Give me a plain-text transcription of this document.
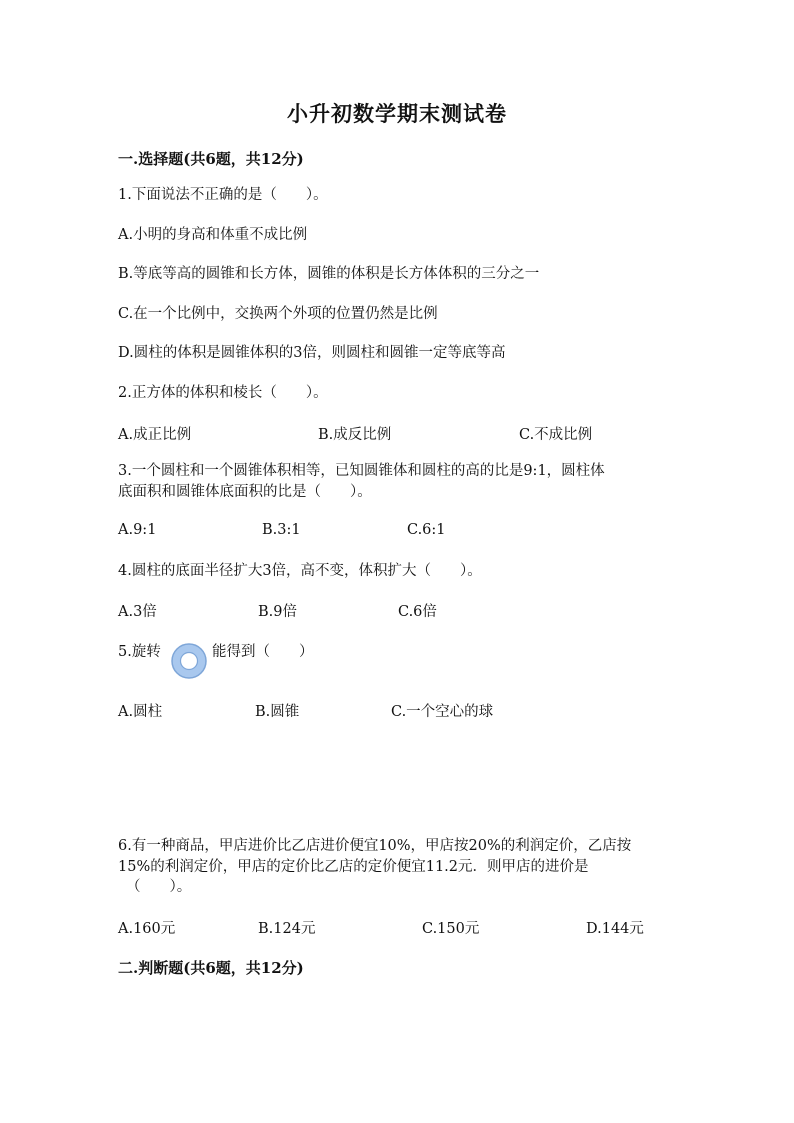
小升初数学期末测试卷
一.选择题(共6题，共12分)
1.下面说法不正确的是（　　）。
A.小明的身高和体重不成比例
B.等底等高的圆锥和长方体，圆锥的体积是长方体体积的三分之一
C.在一个比例中，交换两个外项的位置仍然是比例
D.圆柱的体积是圆锥体积的3倍，则圆柱和圆锥一定等底等高
2.正方体的体积和棱长（　　）。
A.成正比例	B.成反比例	C.不成比例
3.一个圆柱和一个圆锥体积相等，已知圆锥体和圆柱的高的比是9:1，圆柱体
底面积和圆锥体底面积的比是（　　）。
A.9:1	B.3:1	C.6:1
4.圆柱的底面半径扩大3倍，高不变，体积扩大（　　）。
A.3倍	B.9倍	C.6倍
5.旋转	能得到（　　）
A.圆柱	B.圆锥	C.一个空心的球
6.有一种商品，甲店进价比乙店进价便宜10%，甲店按20%的利润定价，乙店按
15%的利润定价，甲店的定价比乙店的定价便宜11.2元．则甲店的进价是
（　　）。
A.160元	B.124元	C.150元	D.144元
二.判断题(共6题，共12分)
